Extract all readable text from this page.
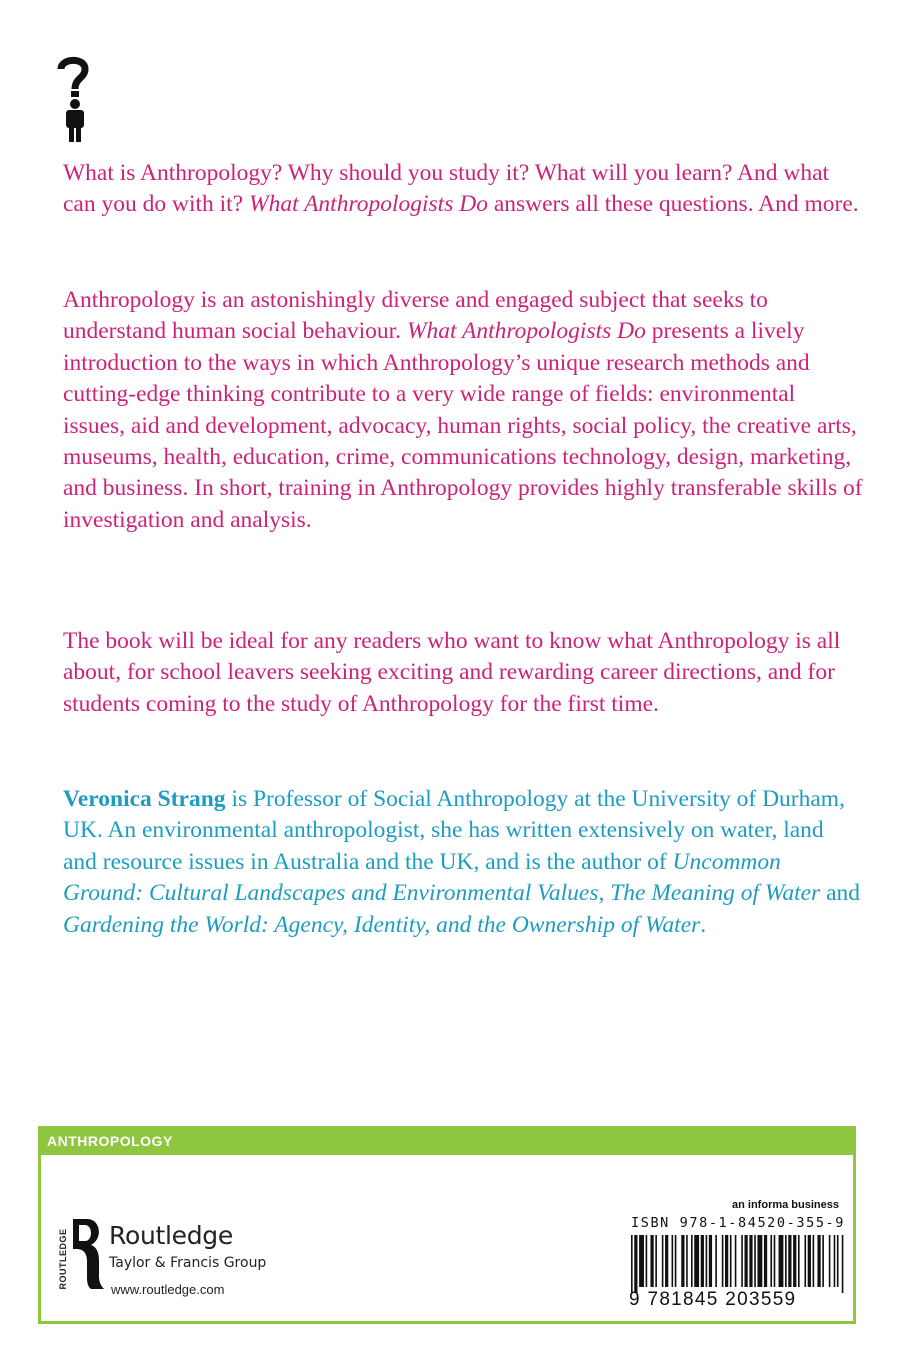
What is Anthropology? Why should you study it? What will you learn? And what can you do with it? What Anthropologists Do answers all these questions. And more.
Anthropology is an astonishingly diverse and engaged subject that seeks to understand human social behaviour. What Anthropologists Do presents a lively introduction to the ways in which Anthropology’s unique research methods and cutting-edge thinking contribute to a very wide range of fields: environmental issues, aid and development, advocacy, human rights, social policy, the creative arts, museums, health, education, crime, communications technology, design, marketing, and business. In short, training in Anthropology provides highly transferable skills of investigation and analysis.
The book will be ideal for any readers who want to know what Anthropology is all about, for school leavers seeking exciting and rewarding career directions, and for students coming to the study of Anthropology for the first time.
Veronica Strang is Professor of Social Anthropology at the University of Durham, UK. An environmental anthropologist, she has written extensively on water, land and resource issues in Australia and the UK, and is the author of Uncommon Ground: Cultural Landscapes and Environmental Values, The Meaning of Water and Gardening the World: Agency, Identity, and the Ownership of Water.
ANTHROPOLOGY
ROUTLEDGE Routledge
Taylor & Francis Group
www.routledge.com
an informa business
ISBN 978-1-84520-355-9
9 781845 203559
